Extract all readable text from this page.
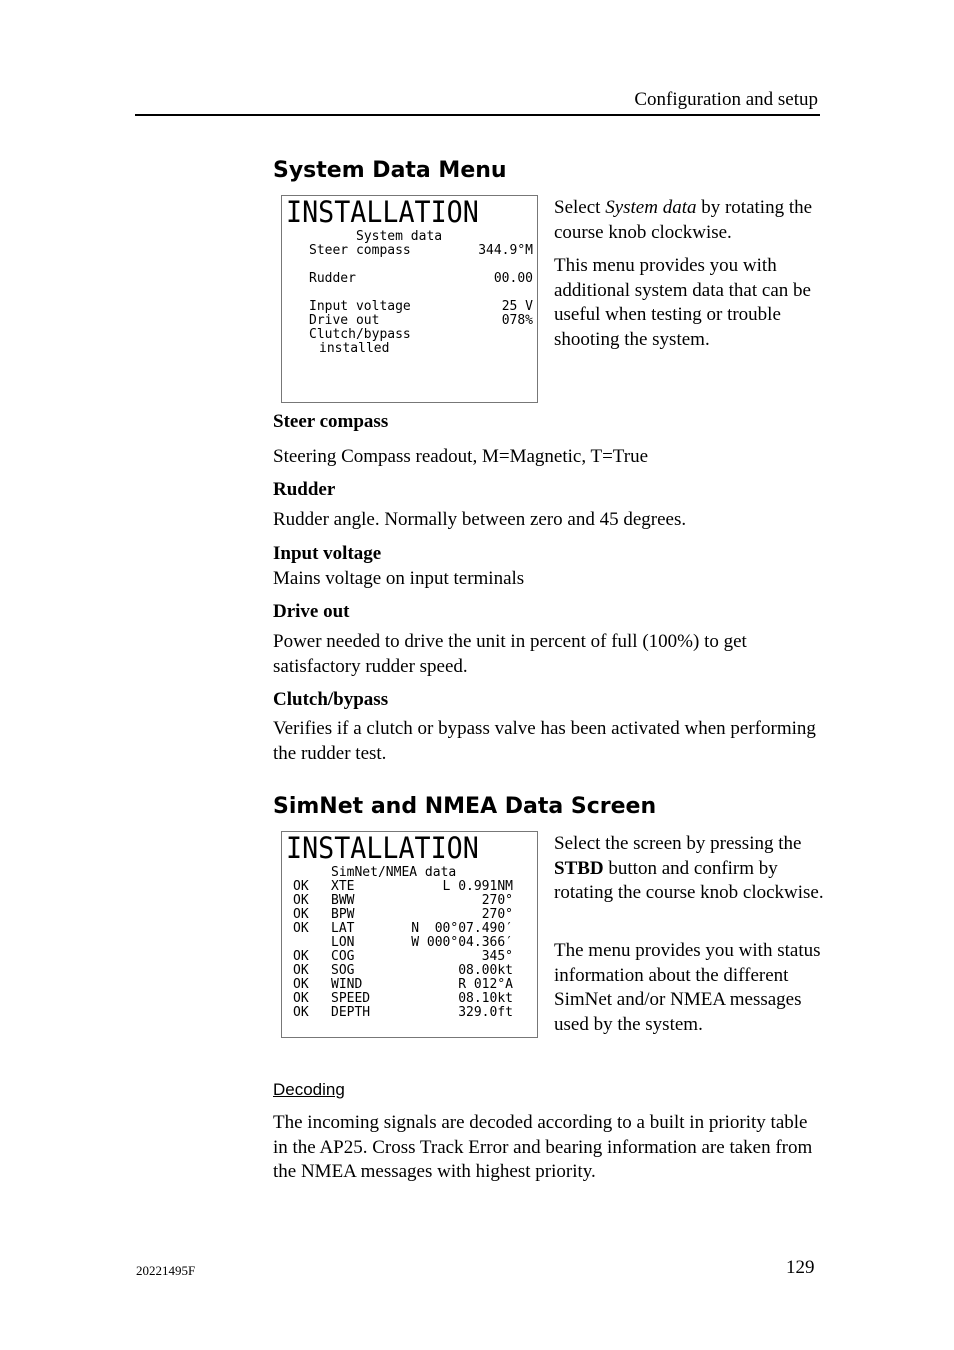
Configuration and setup
System Data Menu
INSTALLATION
System data
Steer compass	344.9°M
Rudder	00.00
Input voltage	25 V
Drive out	078%
Clutch/bypass
installed
Select System data by rotating the course knob clockwise.
This menu provides you with additional system data that can be useful when testing or trouble shooting the system.
Steer compass
Steering Compass readout, M=Magnetic, T=True
Rudder
Rudder angle. Normally between zero and 45 degrees.
Input voltage
Mains voltage on input terminals
Drive out
Power needed to drive the unit in percent of full (100%) to get satisfactory rudder speed.
Clutch/bypass
Verifies if a clutch or bypass valve has been activated when performing the rudder test.
SimNet and NMEA Data Screen
INSTALLATION
SimNet/NMEA data
OK XTE	L 0.991NM
OK BWW	270°
OK BPW	270°
OK LAT	N  00°07.490′
LON	W 000°04.366′
OK COG	345°
OK SOG	08.00kt
OK WIND	R 012°A
OK SPEED	08.10kt
OK DEPTH	329.0ft
Select the screen by pressing the STBD button and confirm by rotating the course knob clockwise.
The menu provides you with status information about the different SimNet and/or NMEA messages used by the system.
Decoding
The incoming signals are decoded according to a built in priority table in the AP25. Cross Track Error and bearing information are taken from the NMEA messages with highest priority.
20221495F	129
